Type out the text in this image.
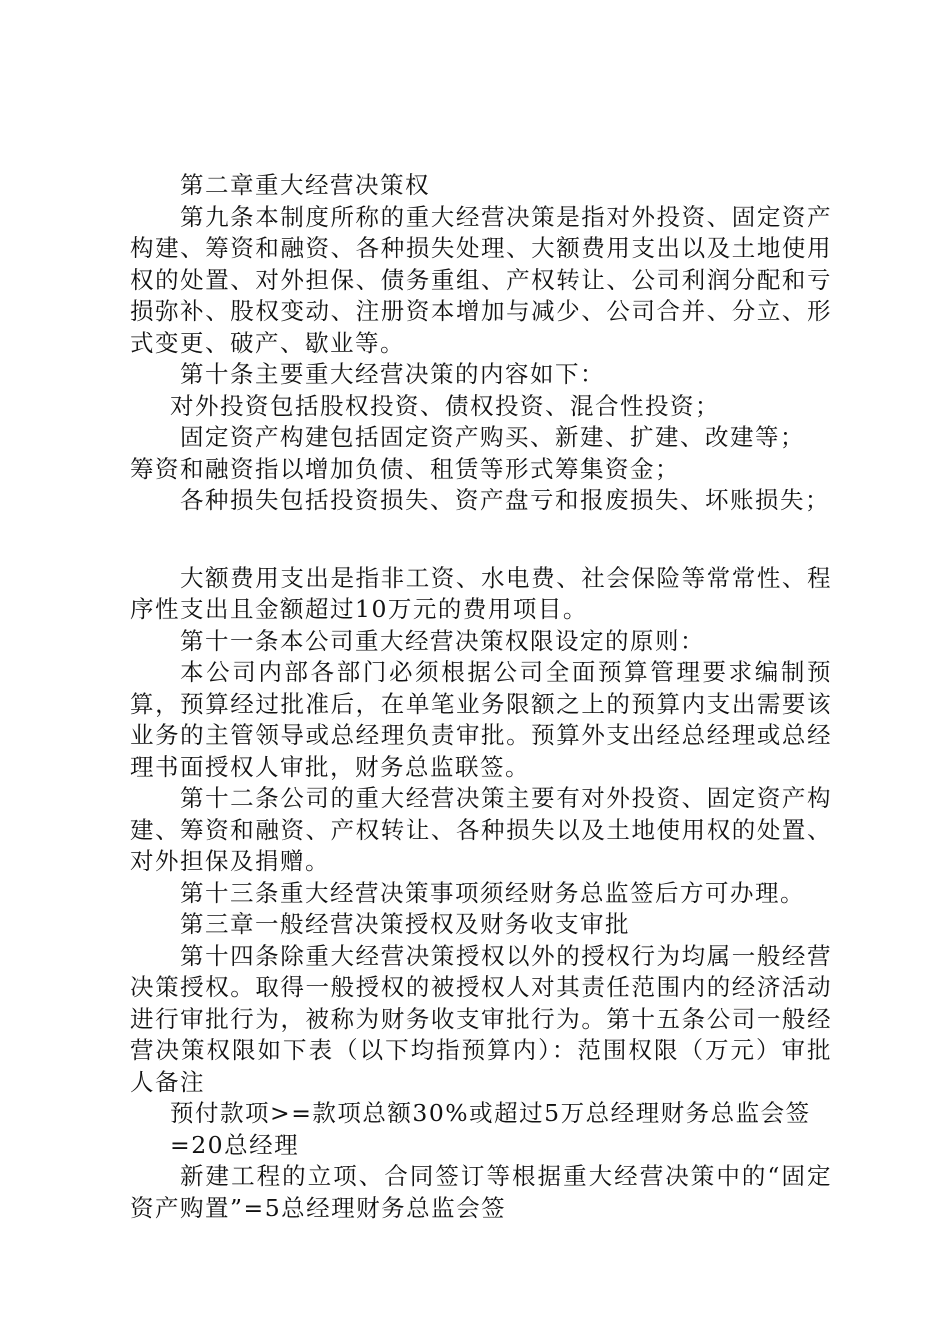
第二章重大经营决策权

第九条本制度所称的重大经营决策是指对外投资、固定资产构建、筹资和融资、各种损失处理、大额费用支出以及土地使用权的处置、对外担保、债务重组、产权转让、公司利润分配和亏损弥补、股权变动、注册资本增加与减少、公司合并、分立、形式变更、破产、歇业等。

第十条主要重大经营决策的内容如下：

对外投资包括股权投资、债权投资、混合性投资；

固定资产构建包括固定资产购买、新建、扩建、改建等；

筹资和融资指以增加负债、租赁等形式筹集资金；

各种损失包括投资损失、资产盘亏和报废损失、坏账损失；

大额费用支出是指非工资、水电费、社会保险等常常性、程序性支出且金额超过10万元的费用项目。

第十一条本公司重大经营决策权限设定的原则：

本公司内部各部门必须根据公司全面预算管理要求编制预算，预算经过批准后，在单笔业务限额之上的预算内支出需要该业务的主管领导或总经理负责审批。预算外支出经总经理或总经理书面授权人审批，财务总监联签。

第十二条公司的重大经营决策主要有对外投资、固定资产构建、筹资和融资、产权转让、各种损失以及土地使用权的处置、对外担保及捐赠。

第十三条重大经营决策事项须经财务总监签后方可办理。

第三章一般经营决策授权及财务收支审批

第十四条除重大经营决策授权以外的授权行为均属一般经营决策授权。取得一般授权的被授权人对其责任范围内的经济活动进行审批行为，被称为财务收支审批行为。第十五条公司一般经营决策权限如下表（以下均指预算内）：范围权限（万元）审批人备注

预付款项>=款项总额30%或超过5万总经理财务总监会签

=20总经理

新建工程的立项、合同签订等根据重大经营决策中的“固定资产购置”=5总经理财务总监会签
